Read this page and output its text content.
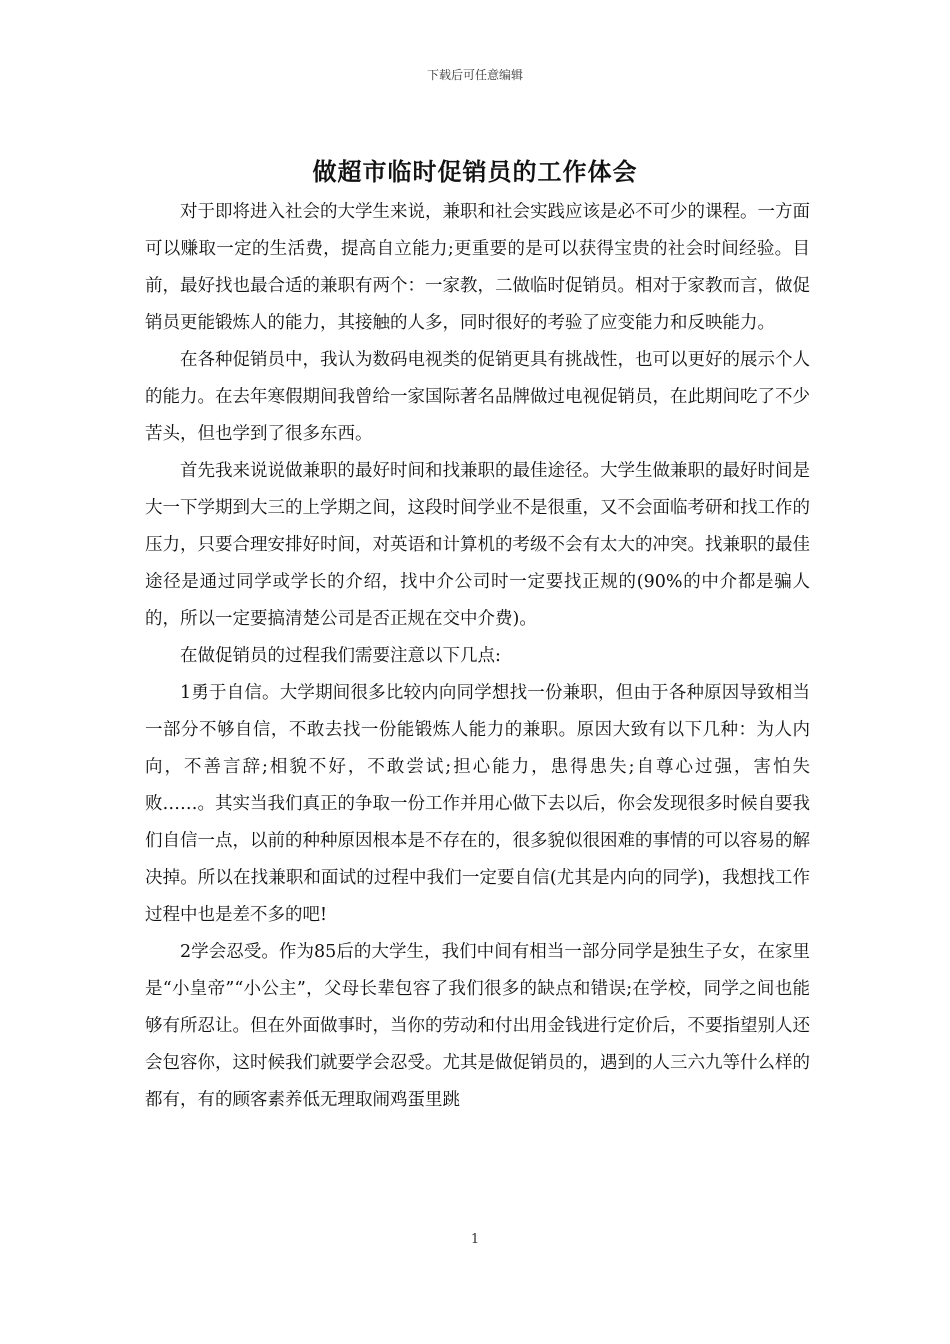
下载后可任意编辑
做超市临时促销员的工作体会

对于即将进入社会的大学生来说，兼职和社会实践应该是必不可少的课程。一方面可以赚取一定的生活费，提高自立能力;更重要的是可以获得宝贵的社会时间经验。目前，最好找也最合适的兼职有两个：一家教，二做临时促销员。相对于家教而言，做促销员更能锻炼人的能力，其接触的人多，同时很好的考验了应变能力和反映能力。

在各种促销员中，我认为数码电视类的促销更具有挑战性，也可以更好的展示个人的能力。在去年寒假期间我曾给一家国际著名品牌做过电视促销员，在此期间吃了不少苦头，但也学到了很多东西。

首先我来说说做兼职的最好时间和找兼职的最佳途径。大学生做兼职的最好时间是大一下学期到大三的上学期之间，这段时间学业不是很重，又不会面临考研和找工作的压力，只要合理安排好时间，对英语和计算机的考级不会有太大的冲突。找兼职的最佳途径是通过同学或学长的介绍，找中介公司时一定要找正规的(90%的中介都是骗人的，所以一定要搞清楚公司是否正规在交中介费)。

在做促销员的过程我们需要注意以下几点:

1勇于自信。大学期间很多比较内向同学想找一份兼职，但由于各种原因导致相当一部分不够自信，不敢去找一份能锻炼人能力的兼职。原因大致有以下几种：为人内向，不善言辞;相貌不好，不敢尝试;担心能力，患得患失;自尊心过强，害怕失败……。其实当我们真正的争取一份工作并用心做下去以后，你会发现很多时候自要我们自信一点，以前的种种原因根本是不存在的，很多貌似很困难的事情的可以容易的解决掉。所以在找兼职和面试的过程中我们一定要自信(尤其是内向的同学)，我想找工作过程中也是差不多的吧!

2学会忍受。作为85后的大学生，我们中间有相当一部分同学是独生子女，在家里是“小皇帝”“小公主”，父母长辈包容了我们很多的缺点和错误;在学校，同学之间也能够有所忍让。但在外面做事时，当你的劳动和付出用金钱进行定价后，不要指望别人还会包容你，这时候我们就要学会忍受。尤其是做促销员的，遇到的人三六九等什么样的都有，有的顾客素养低无理取闹鸡蛋里跳

1
